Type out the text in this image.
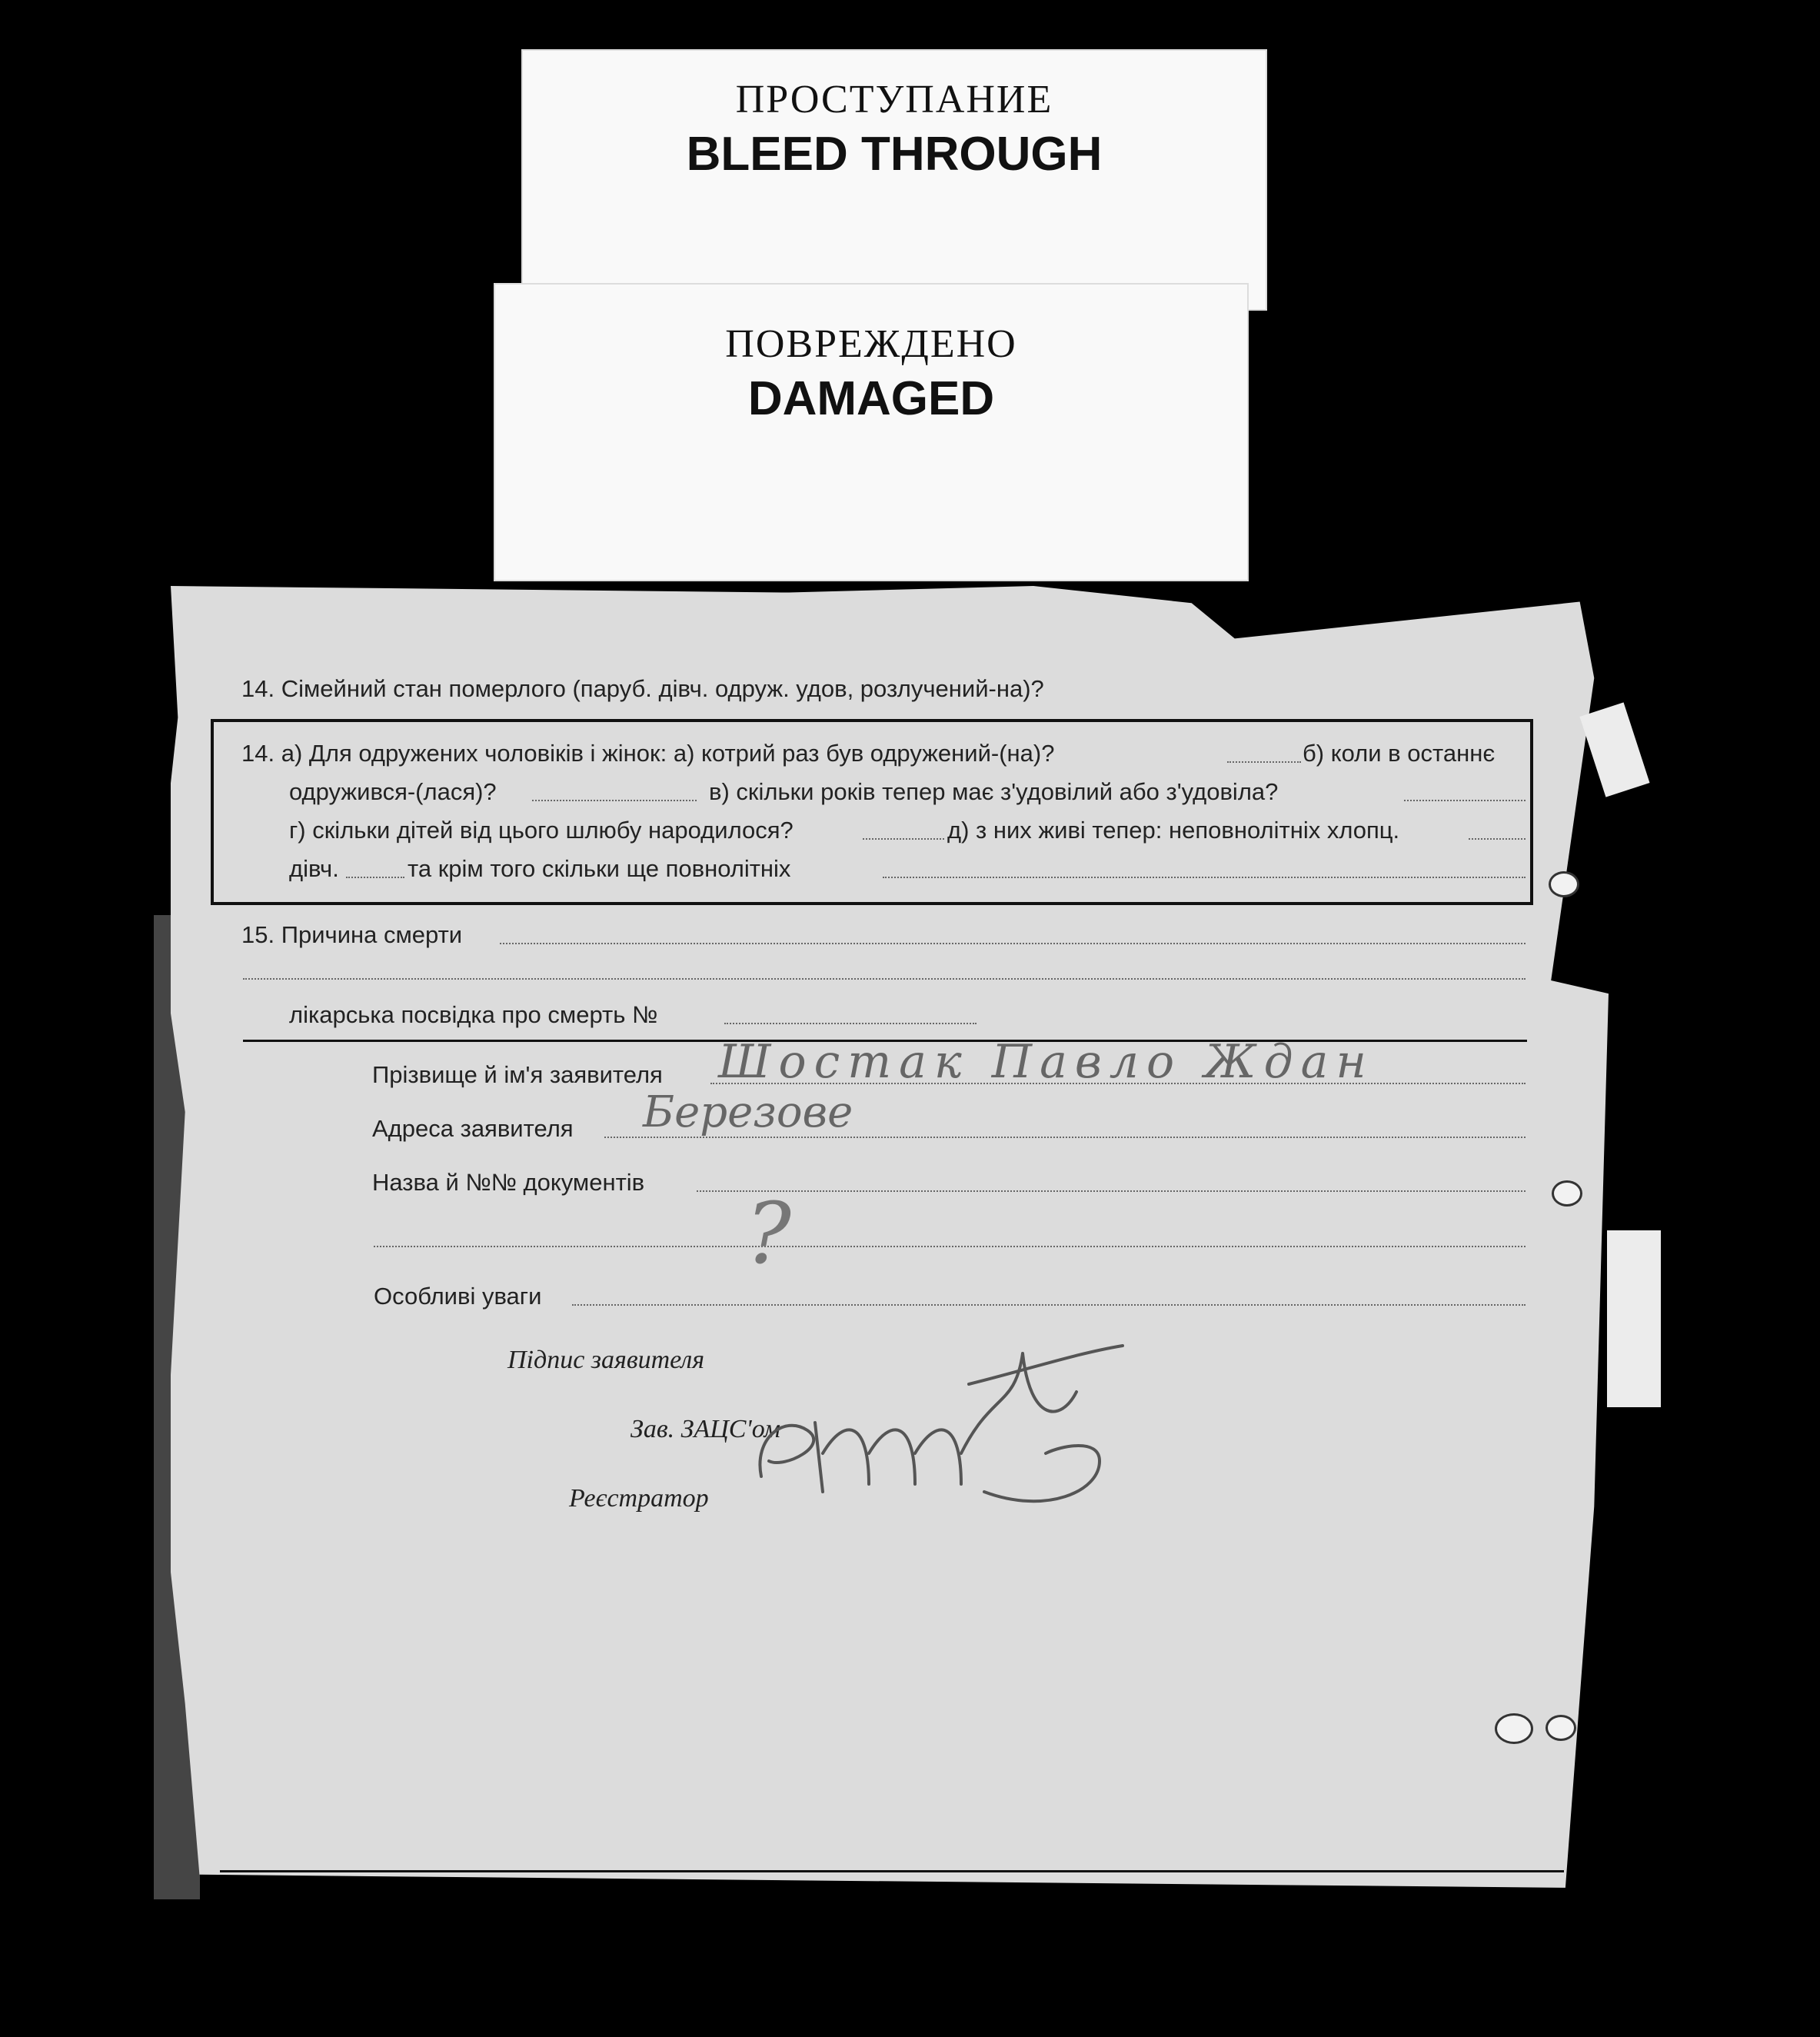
ПРОСТУПАНИЕ
BLEED THROUGH
ПОВРЕЖДЕНО
DAMAGED
14. Сімейний стан померлого (паруб. дівч. одруж. удов, розлучений-на)?
14. а) Для одружених чоловіків і жінок: а) котрий раз був одружений-(на)?	б) коли в останнє
одружився-(лася)?	в) скільки років тепер має з'удовілий або з'удовіла?
г) скільки дітей від цього шлюбу народилося?	д) з них живі тепер: неповнолітніх хлопц.
дівч.	та крім того скільки ще повнолітніх
15. Причина смерти
лікарська посвідка про смерть №
Прізвище й ім'я заявителя Шостак Павло Ждан
Адреса заявителя Березове
Назва й №№ документів
?
Особливі уваги
Підпис заявителя
Зав. ЗАЦС'ом
Реєстратор
